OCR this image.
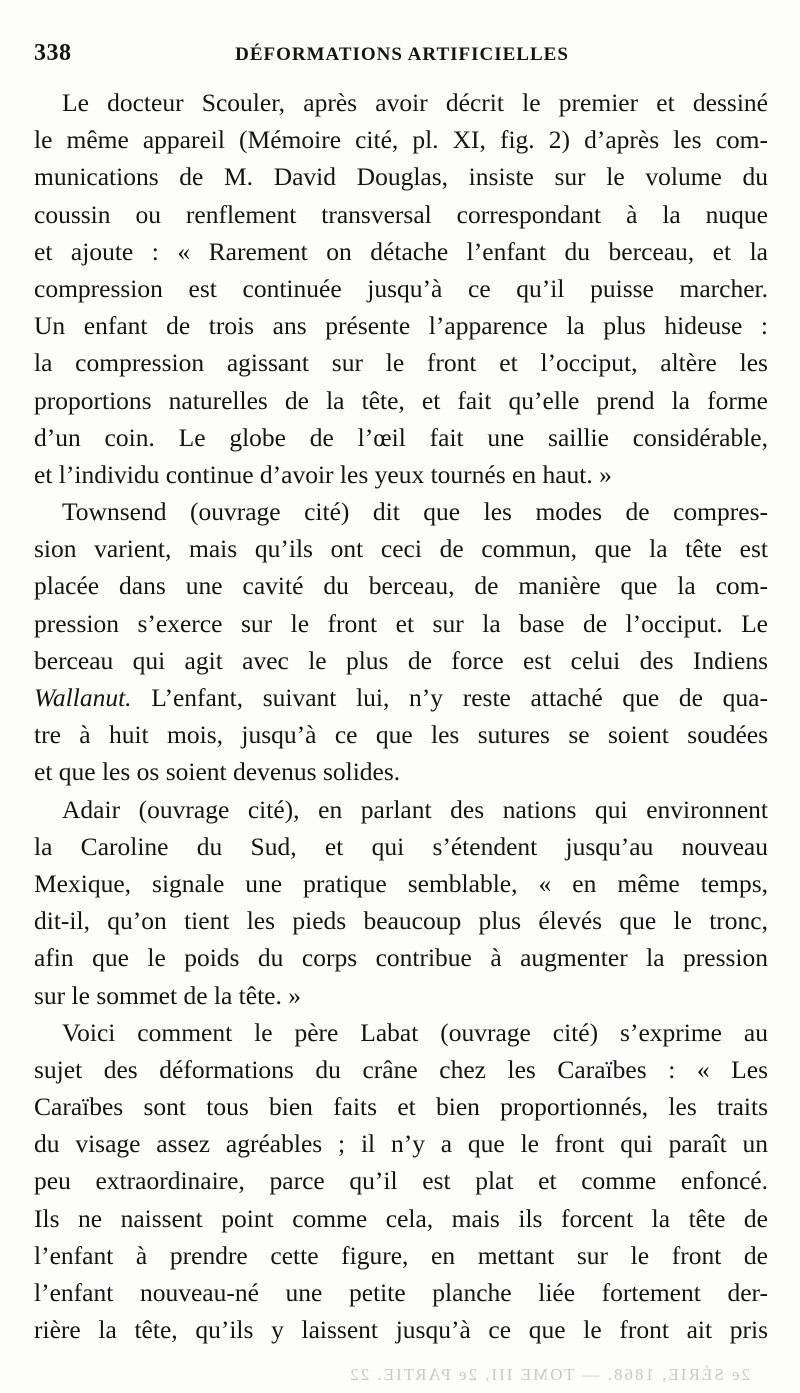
338	DÉFORMATIONS ARTIFICIELLES
Le docteur Scouler, après avoir décrit le premier et dessiné
le même appareil (Mémoire cité, pl. XI, fig. 2) d’après les com-
munications de M. David Douglas, insiste sur le volume du
coussin ou renflement transversal correspondant à la nuque
et ajoute : « Rarement on détache l’enfant du berceau, et la
compression est continuée jusqu’à ce qu’il puisse marcher.
Un enfant de trois ans présente l’apparence la plus hideuse :
la compression agissant sur le front et l’occiput, altère les
proportions naturelles de la tête, et fait qu’elle prend la forme
d’un coin. Le globe de l’œil fait une saillie considérable,
et l’individu continue d’avoir les yeux tournés en haut. »
Townsend (ouvrage cité) dit que les modes de compres-
sion varient, mais qu’ils ont ceci de commun, que la tête est
placée dans une cavité du berceau, de manière que la com-
pression s’exerce sur le front et sur la base de l’occiput. Le
berceau qui agit avec le plus de force est celui des Indiens
Wallanut. L’enfant, suivant lui, n’y reste attaché que de qua-
tre à huit mois, jusqu’à ce que les sutures se soient soudées
et que les os soient devenus solides.
Adair (ouvrage cité), en parlant des nations qui environnent
la Caroline du Sud, et qui s’étendent jusqu’au nouveau
Mexique, signale une pratique semblable, « en même temps,
dit-il, qu’on tient les pieds beaucoup plus élevés que le tronc,
afin que le poids du corps contribue à augmenter la pression
sur le sommet de la tête. »
Voici comment le père Labat (ouvrage cité) s’exprime au
sujet des déformations du crâne chez les Caraïbes : « Les
Caraïbes sont tous bien faits et bien proportionnés, les traits
du visage assez agréables ; il n’y a que le front qui paraît un
peu extraordinaire, parce qu’il est plat et comme enfoncé.
Ils ne naissent point comme cela, mais ils forcent la tête de
l’enfant à prendre cette figure, en mettant sur le front de
l’enfant nouveau-né une petite planche liée fortement der-
rière la tête, qu’ils y laissent jusqu’à ce que le front ait pris
2e SÉRIE, 1868. — TOME III, 2e PARTIE. 22
